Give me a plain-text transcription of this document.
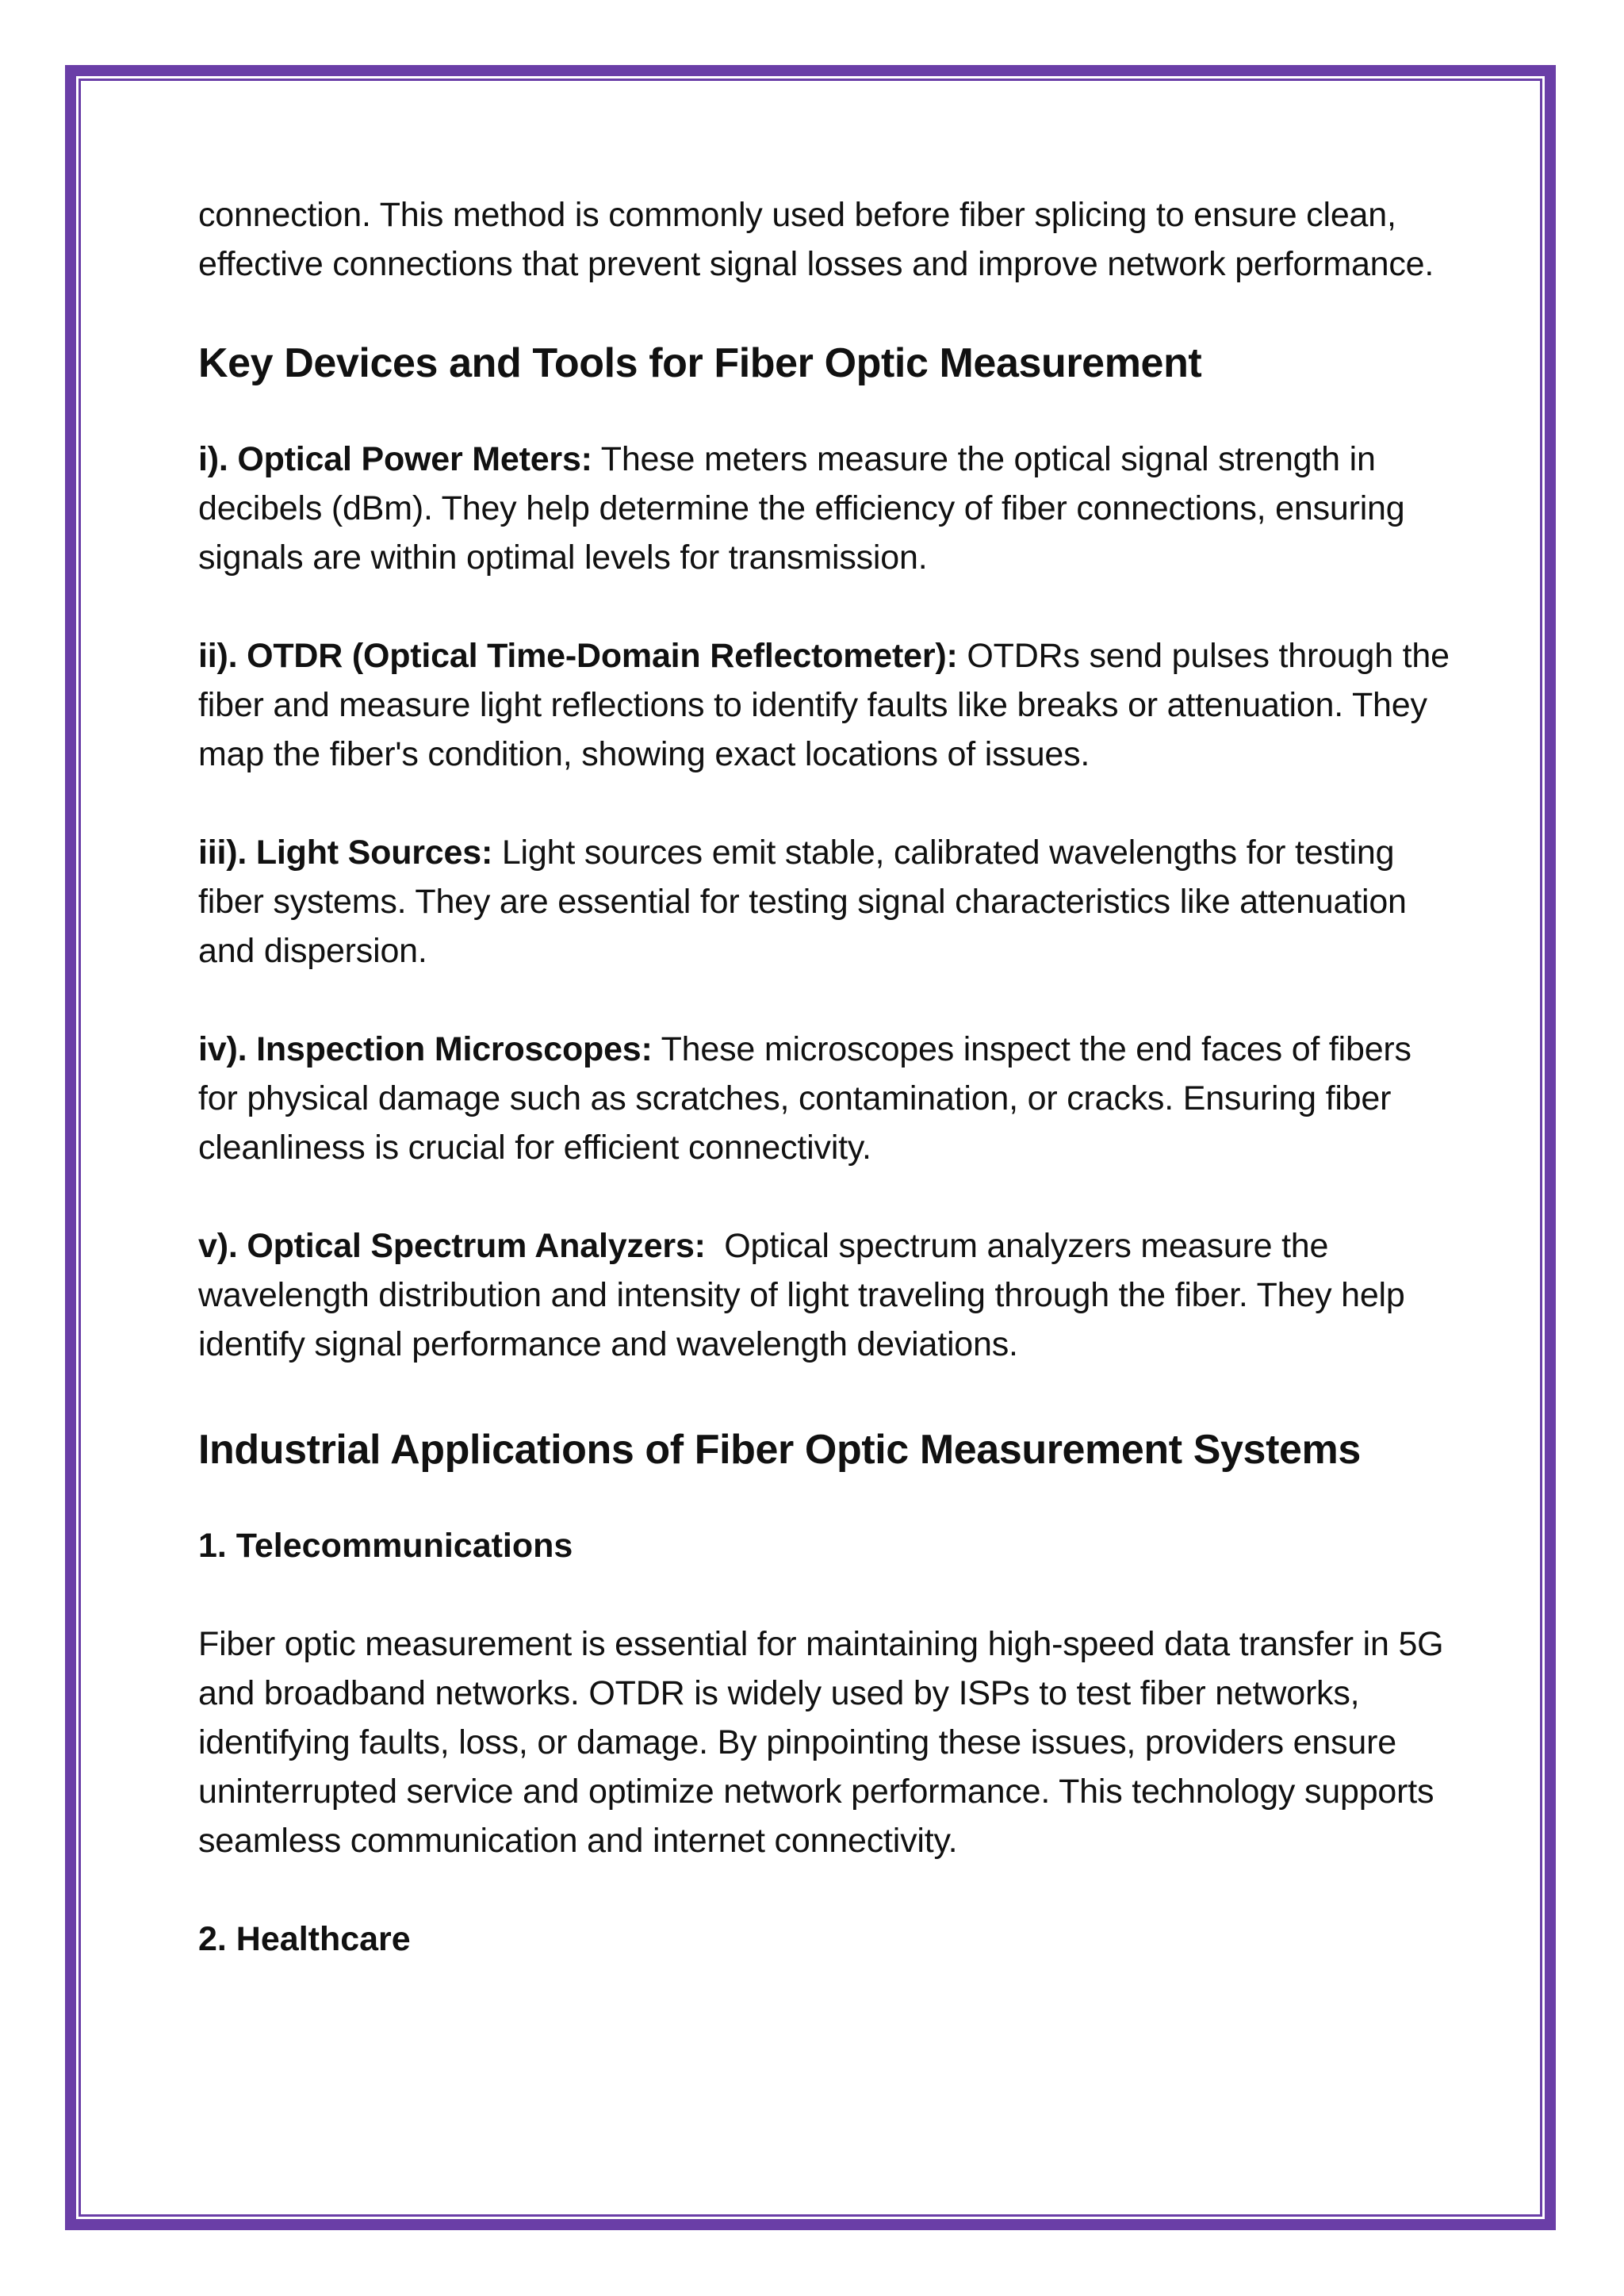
connection. This method is commonly used before fiber splicing to ensure clean, effective connections that prevent signal losses and improve network performance.

Key Devices and Tools for Fiber Optic Measurement

i). Optical Power Meters: These meters measure the optical signal strength in decibels (dBm). They help determine the efficiency of fiber connections, ensuring signals are within optimal levels for transmission.

ii). OTDR (Optical Time-Domain Reflectometer): OTDRs send pulses through the fiber and measure light reflections to identify faults like breaks or attenuation. They map the fiber's condition, showing exact locations of issues.

iii). Light Sources: Light sources emit stable, calibrated wavelengths for testing fiber systems. They are essential for testing signal characteristics like attenuation and dispersion.

iv). Inspection Microscopes: These microscopes inspect the end faces of fibers for physical damage such as scratches, contamination, or cracks. Ensuring fiber cleanliness is crucial for efficient connectivity.

v). Optical Spectrum Analyzers:  Optical spectrum analyzers measure the wavelength distribution and intensity of light traveling through the fiber. They help identify signal performance and wavelength deviations.

Industrial Applications of Fiber Optic Measurement Systems
1. Telecommunications

Fiber optic measurement is essential for maintaining high-speed data transfer in 5G and broadband networks. OTDR is widely used by ISPs to test fiber networks, identifying faults, loss, or damage. By pinpointing these issues, providers ensure uninterrupted service and optimize network performance. This technology supports seamless communication and internet connectivity.

2. Healthcare
